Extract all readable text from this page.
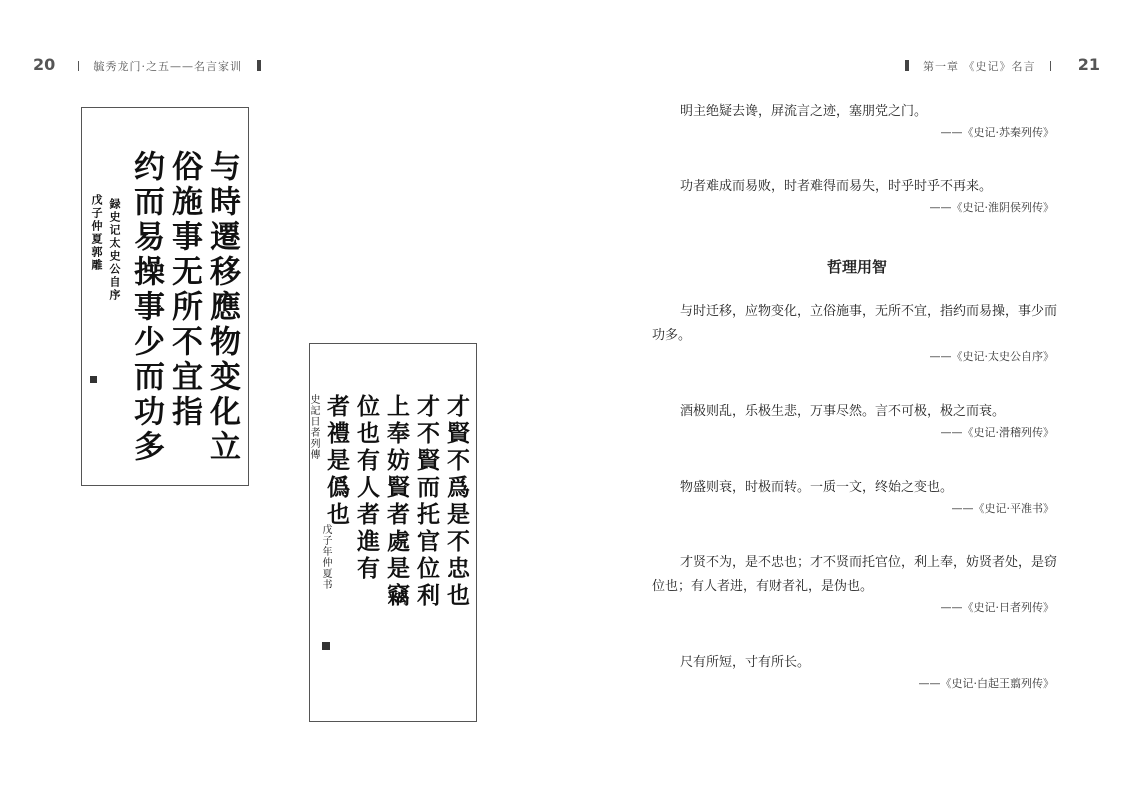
20	毓秀龙门·之五——名言家训	第一章 《史记》名言	21
与時遷移應物变化立
俗施事无所不宜指
约而易操事少而功多
録史记太史公自序
戊子仲夏郭雕
才賢不爲是不忠也
才不賢而托官位利
上奉妨賢者處是竊
位也有人者進有
者禮是僞也
史記日者列傳
戊子年仲夏书

明主绝疑去谗，屏流言之迹，塞朋党之门。

——《史记·苏秦列传》

功者难成而易败，时者难得而易失，时乎时乎不再来。

——《史记·淮阴侯列传》

哲理用智

与时迁移，应物变化，立俗施事，无所不宜，指约而易操，事少而功多。

——《史记·太史公自序》

酒极则乱，乐极生悲，万事尽然。言不可极，极之而衰。

——《史记·滑稽列传》

物盛则衰，时极而转。一质一文，终始之变也。

——《史记·平准书》

才贤不为，是不忠也；才不贤而托官位，利上奉，妨贤者处，是窃位也；有人者进，有财者礼，是伪也。

——《史记·日者列传》

尺有所短，寸有所长。

——《史记·白起王翦列传》
